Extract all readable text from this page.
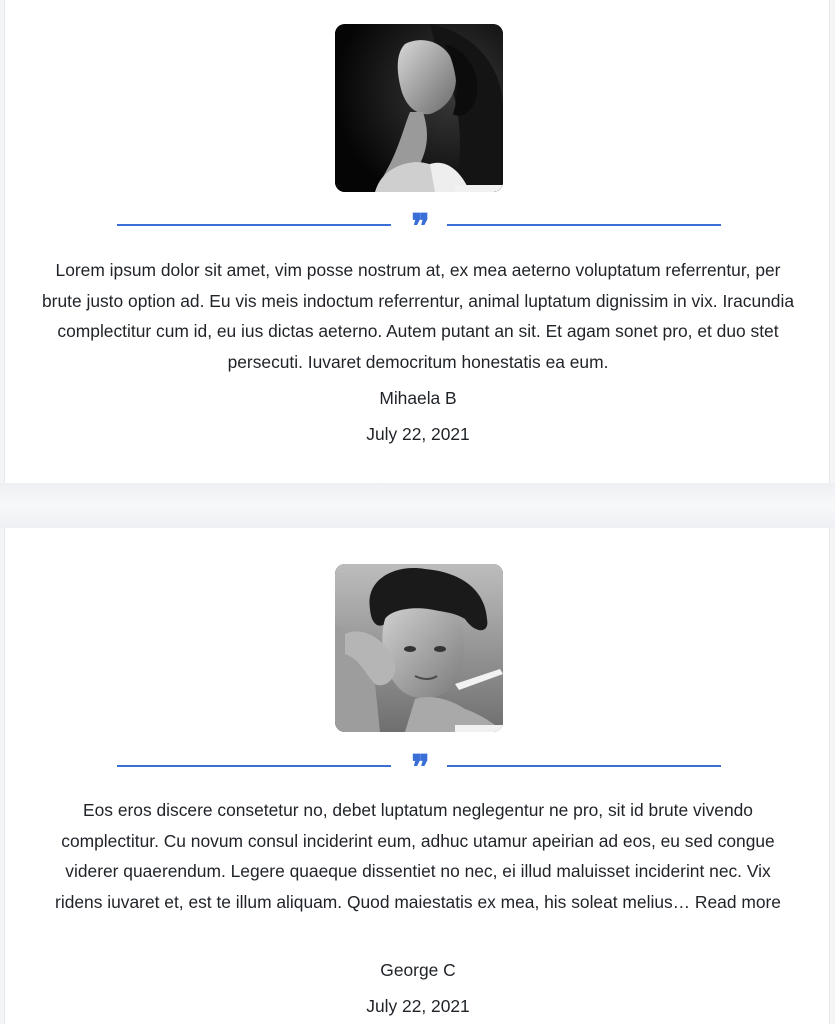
❞

Lorem ipsum dolor sit amet, vim posse nostrum at, ex mea aeterno voluptatum referrentur, per brute justo option ad. Eu vis meis indoctum referrentur, animal luptatum dignissim in vix. Iracundia complectitur cum id, eu ius dictas aeterno. Autem putant an sit. Et agam sonet pro, et duo stet persecuti. Iuvaret democritum honestatis ea eum.

Mihaela B
July 22, 2021
❞

Eos eros discere consetetur no, debet luptatum neglegentur ne pro, sit id brute vivendo complectitur. Cu novum consul inciderint eum, adhuc utamur apeirian ad eos, eu sed congue viderer quaerendum. Legere quaeque dissentiet no nec, ei illud maluisset inciderint nec. Vix ridens iuvaret et, est te illum aliquam. Quod maiestatis ex mea, his soleat melius… Read more

George C
July 22, 2021
